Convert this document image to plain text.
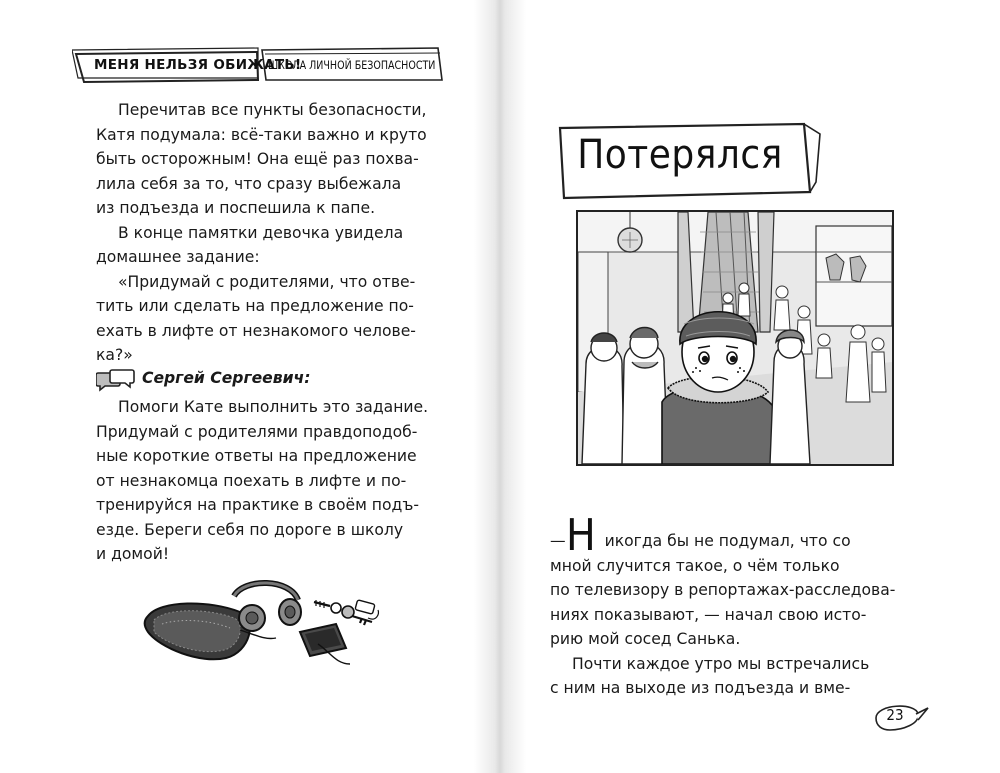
МЕНЯ НЕЛЬЗЯ ОБИЖАТЬ!
ШКОЛА ЛИЧНОЙ БЕЗОПАСНОСТИ
Перечитав все пункты безопасности,
Катя подумала: всё-таки важно и круто
быть осторожным! Она ещё раз похва-
лила себя за то, что сразу выбежала
из подъезда и поспешила к папе.
В конце памятки девочка увидела
домашнее задание:
«Придумай с родителями, что отве-
тить или сделать на предложение по-
ехать в лифте от незнакомого челове-
ка?»
Сергей Сергеевич:
Помоги Кате выполнить это задание.
Придумай с родителями правдоподоб-
ные короткие ответы на предложение
от незнакомца поехать в лифте и по-
тренируйся на практике в своём подъ-
езде. Береги себя по дороге в школу
и домой!
Потерялся
— икогда бы не подумал, что со
Н
мной случится такое, о чём только
по телевизору в репортажах-расследова-
ниях показывают, — начал свою исто-
рию мой сосед Санька.
Почти каждое утро мы встречались
с ним на выходе из подъезда и вме-
23
